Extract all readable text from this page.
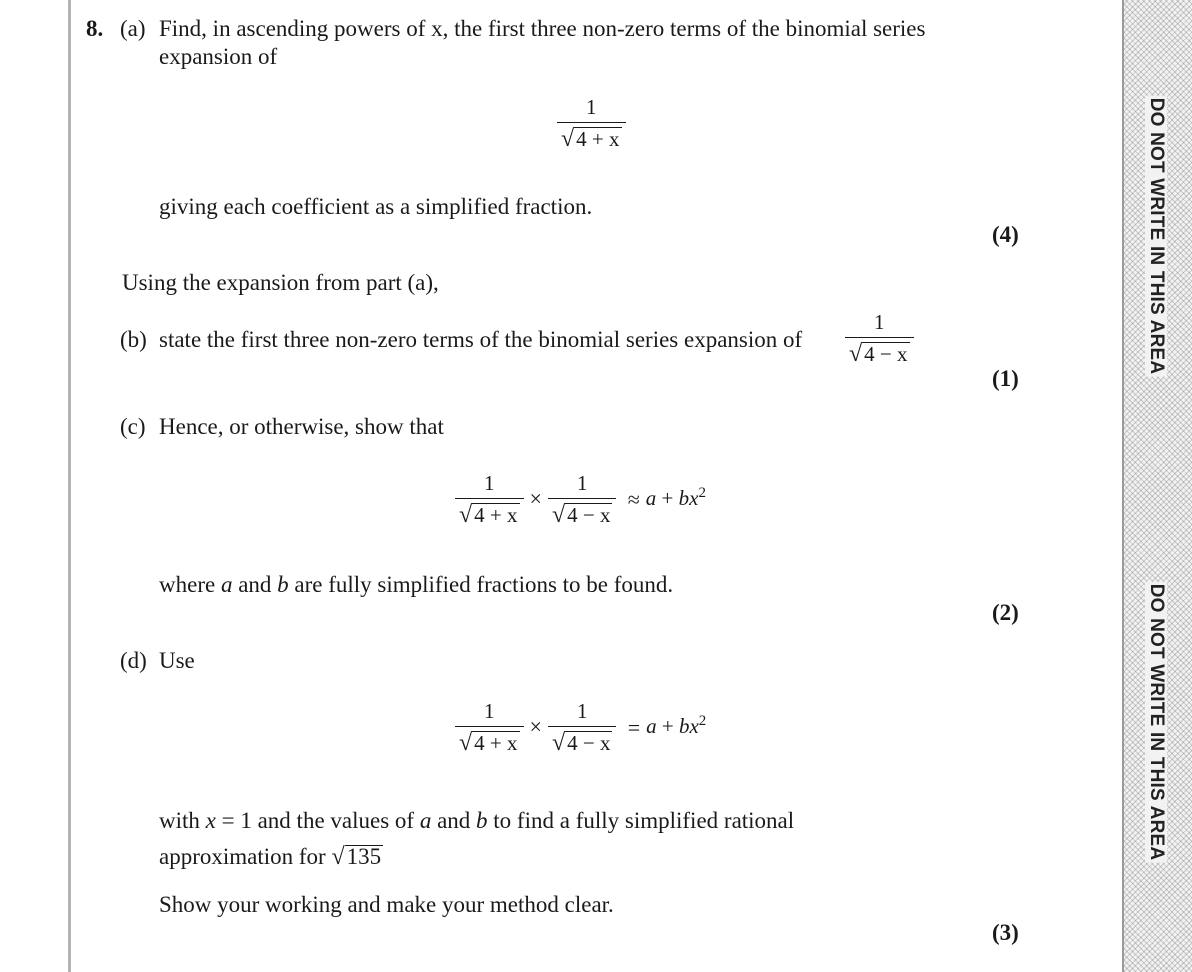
DO NOT WRITE IN THIS AREA
DO NOT WRITE IN THIS AREA
8. (a) Find, in ascending powers of x, the first three non-zero terms of the binomial series
expansion of
$\frac{1}{√4 + x}$
giving each coefficient as a simplified fraction.
(4)
Using the expansion from part (a),
(b) state the first three non-zero terms of the binomial series expansion of $\frac{1}{√4 - x}$
(1)
(c) Hence, or otherwise, show that
$\frac{1}{√4 + x} \times \frac{1}{√4 - x} \approx a + bx^2$
where a and b are fully simplified fractions to be found.
(2)
(d) Use
$\frac{1}{√4 + x} \times \frac{1}{√4 - x} = a + bx^2$
with x = 1 and the values of a and b to find a fully simplified rational
approximation for √135
Show your working and make your method clear.
(3)
